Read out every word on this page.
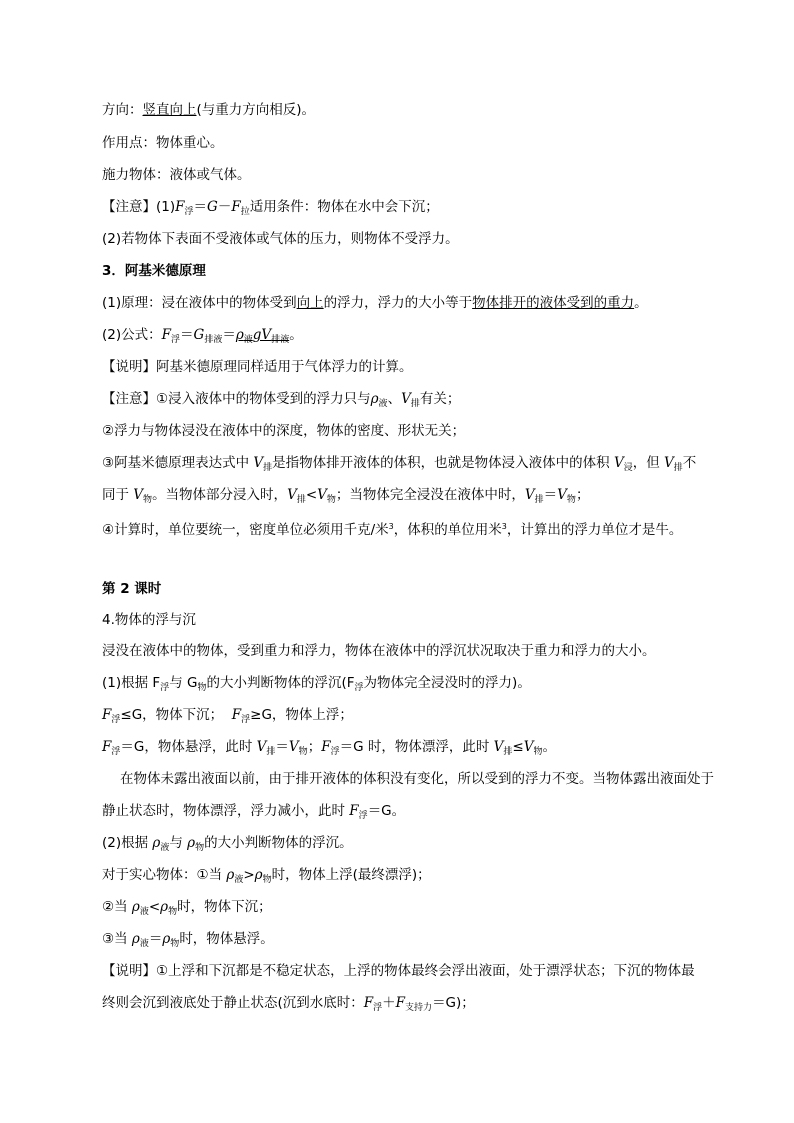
方向：竖直向上(与重力方向相反)。
作用点：物体重心。
施力物体：液体或气体。
【注意】$(1)F_浮=G-F_拉$适用条件：物体在水中会下沉；
(2)若物体下表面不受液体或气体的压力，则物体不受浮力。
3．阿基米德原理
(1)原理：浸在液体中的物体受到向上的浮力，浮力的大小等于物体排开的液体受到的重力。
(2)公式：$F_浮=G_{排液}=\rho_液gV_{排液}$。
【说明】阿基米德原理同样适用于气体浮力的计算。
【注意】①浸入液体中的物体受到的浮力只与$\rho_液$、$V_排$有关；
②浮力与物体浸没在液体中的深度，物体的密度、形状无关；
③阿基米德原理表达式中 $V_排$是指物体排开液体的体积，也就是物体浸入液体中的体积 $V_浸$，但 $V_排$不
同于 $V_物$。当物体部分浸入时，$V_排<V_物$；当物体完全浸没在液体中时，$V_排=V_物$；
④计算时，单位要统一，密度单位必须用千克/米$^3$，体积的单位用米$^3$，计算出的浮力单位才是牛。
第 2 课时
4.物体的浮与沉
浸没在液体中的物体，受到重力和浮力，物体在液体中的浮沉状况取决于重力和浮力的大小。
(1)根据 $F_浮$与 $G_物$的大小判断物体的浮沉($F_浮$为物体完全浸没时的浮力)。
$F_浮\le G$，物体下沉；  $F_浮\ge G$，物体上浮；
$F_浮=G$，物体悬浮，此时 $V_排=V_物$；$F_浮=G$ 时，物体漂浮，此时 $V_排\le V_物$。
在物体未露出液面以前，由于排开液体的体积没有变化，所以受到的浮力不变。当物体露出液面处于
静止状态时，物体漂浮，浮力减小，此时 $F_浮=G$。
(2)根据 $\rho_液$与 $\rho_物$的大小判断物体的浮沉。
对于实心物体：①当 $\rho_液>\rho_物$时，物体上浮(最终漂浮)；
②当 $\rho_液<\rho_物$时，物体下沉；
③当 $\rho_液=\rho_物$时，物体悬浮。
【说明】①上浮和下沉都是不稳定状态，上浮的物体最终会浮出液面，处于漂浮状态；下沉的物体最
终则会沉到液底处于静止状态(沉到水底时：$F_浮+F_{支持力}=G$)；
